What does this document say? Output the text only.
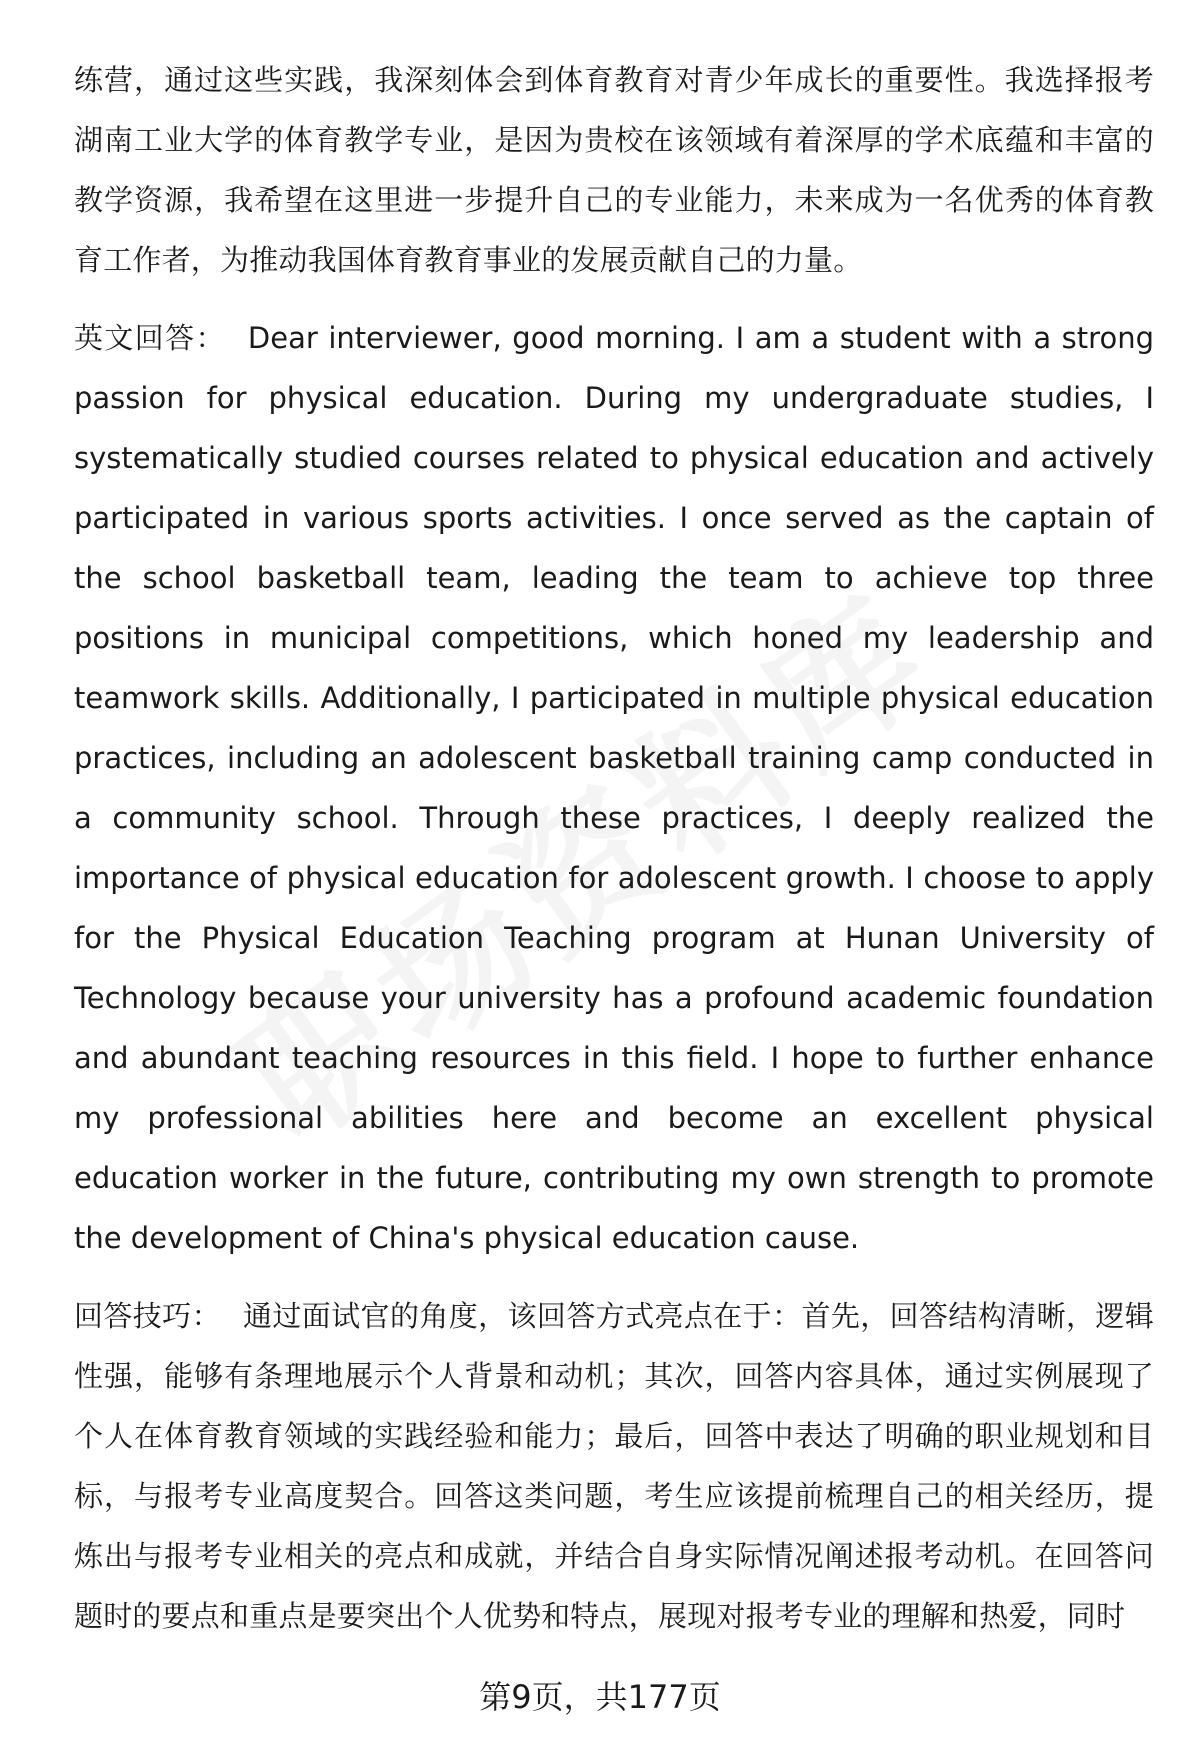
练营，通过这些实践，我深刻体会到体育教育对青少年成长的重要性。我选择报考湖南工业大学的体育教学专业，是因为贵校在该领域有着深厚的学术底蕴和丰富的教学资源，我希望在这里进一步提升自己的专业能力，未来成为一名优秀的体育教育工作者，为推动我国体育教育事业的发展贡献自己的力量。

英文回答： Dear interviewer, good morning. I am a student with a strong passion for physical education. During my undergraduate studies, I systematically studied courses related to physical education and actively participated in various sports activities. I once served as the captain of the school basketball team, leading the team to achieve top three positions in municipal competitions, which honed my leadership and teamwork skills. Additionally, I participated in multiple physical education practices, including an adolescent basketball training camp conducted in a community school. Through these practices, I deeply realized the importance of physical education for adolescent growth. I choose to apply for the Physical Education Teaching program at Hunan University of Technology because your university has a profound academic foundation and abundant teaching resources in this field. I hope to further enhance my professional abilities here and become an excellent physical education worker in the future, contributing my own strength to promote the development of China's physical education cause.

回答技巧： 通过面试官的角度，该回答方式亮点在于：首先，回答结构清晰，逻辑性强，能够有条理地展示个人背景和动机；其次，回答内容具体，通过实例展现了个人在体育教育领域的实践经验和能力；最后，回答中表达了明确的职业规划和目标，与报考专业高度契合。回答这类问题，考生应该提前梳理自己的相关经历，提炼出与报考专业相关的亮点和成就，并结合自身实际情况阐述报考动机。在回答问题时的要点和重点是要突出个人优势和特点，展现对报考专业的理解和热爱，同时

第9页，共177页
